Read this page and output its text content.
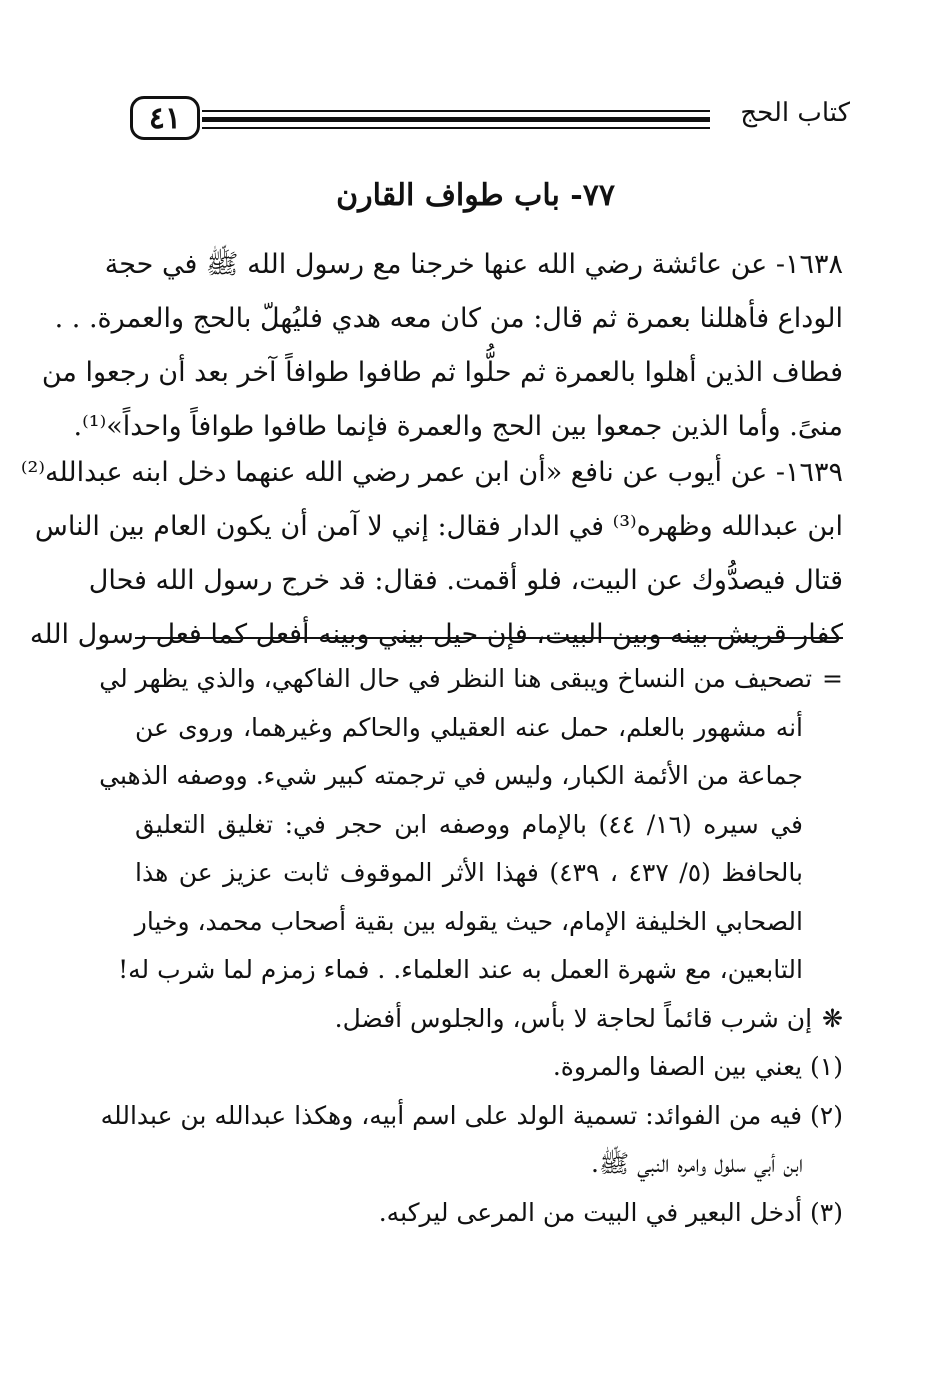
٤١	كتاب الحج
٧٧- باب طواف القارن
١٦٣٨- عن عائشة رضي الله عنها خرجنا مع رسول الله ﷺ في حجة
الوداع فأهللنا بعمرة ثم قال: من كان معه هدي فليُهلّ بالحج والعمرة. . .
فطاف الذين أهلوا بالعمرة ثم حلُّوا ثم طافوا طوافاً آخر بعد أن رجعوا من
منىً. وأما الذين جمعوا بين الحج والعمرة فإنما طافوا طوافاً واحداً»⁽¹⁾.
١٦٣٩- عن أيوب عن نافع «أن ابن عمر رضي الله عنهما دخل ابنه عبدالله⁽²⁾
ابن عبدالله وظهره⁽³⁾ في الدار فقال: إني لا آمن أن يكون العام بين الناس
قتال فيصدُّوك عن البيت، فلو أقمت. فقال: قد خرج رسول الله فحال
كفار قريش بينه وبين البيت، فإن حيل بيني وبينه أفعل كما فعل رسول الله
=تصحيف من النساخ ويبقى هنا النظر في حال الفاكهي، والذي يظهر لي
أنه مشهور بالعلم، حمل عنه العقيلي والحاكم وغيرهما، وروى عن
جماعة من الأئمة الكبار، وليس في ترجمته كبير شيء. ووصفه الذهبي
في سيره (١٦/ ٤٤) بالإمام ووصفه ابن حجر في: تغليق التعليق
بالحافظ (٥/ ٤٣٧ ، ٤٣٩) فهذا الأثر الموقوف ثابت عزيز عن هذا
الصحابي الخليفة الإمام، حيث يقوله بين بقية أصحاب محمد، وخيار
التابعين، مع شهرة العمل به عند العلماء. . فماء زمزم لما شرب له!
❋إن شرب قائماً لحاجة لا بأس، والجلوس أفضل.
(١) يعني بين الصفا والمروة.
(٢) فيه من الفوائد: تسمية الولد على اسم أبيه، وهكذا عبدالله بن عبدالله
ابن أبي سلول وامره النبي ﷺ.
(٣) أدخل البعير في البيت من المرعى ليركبه.
